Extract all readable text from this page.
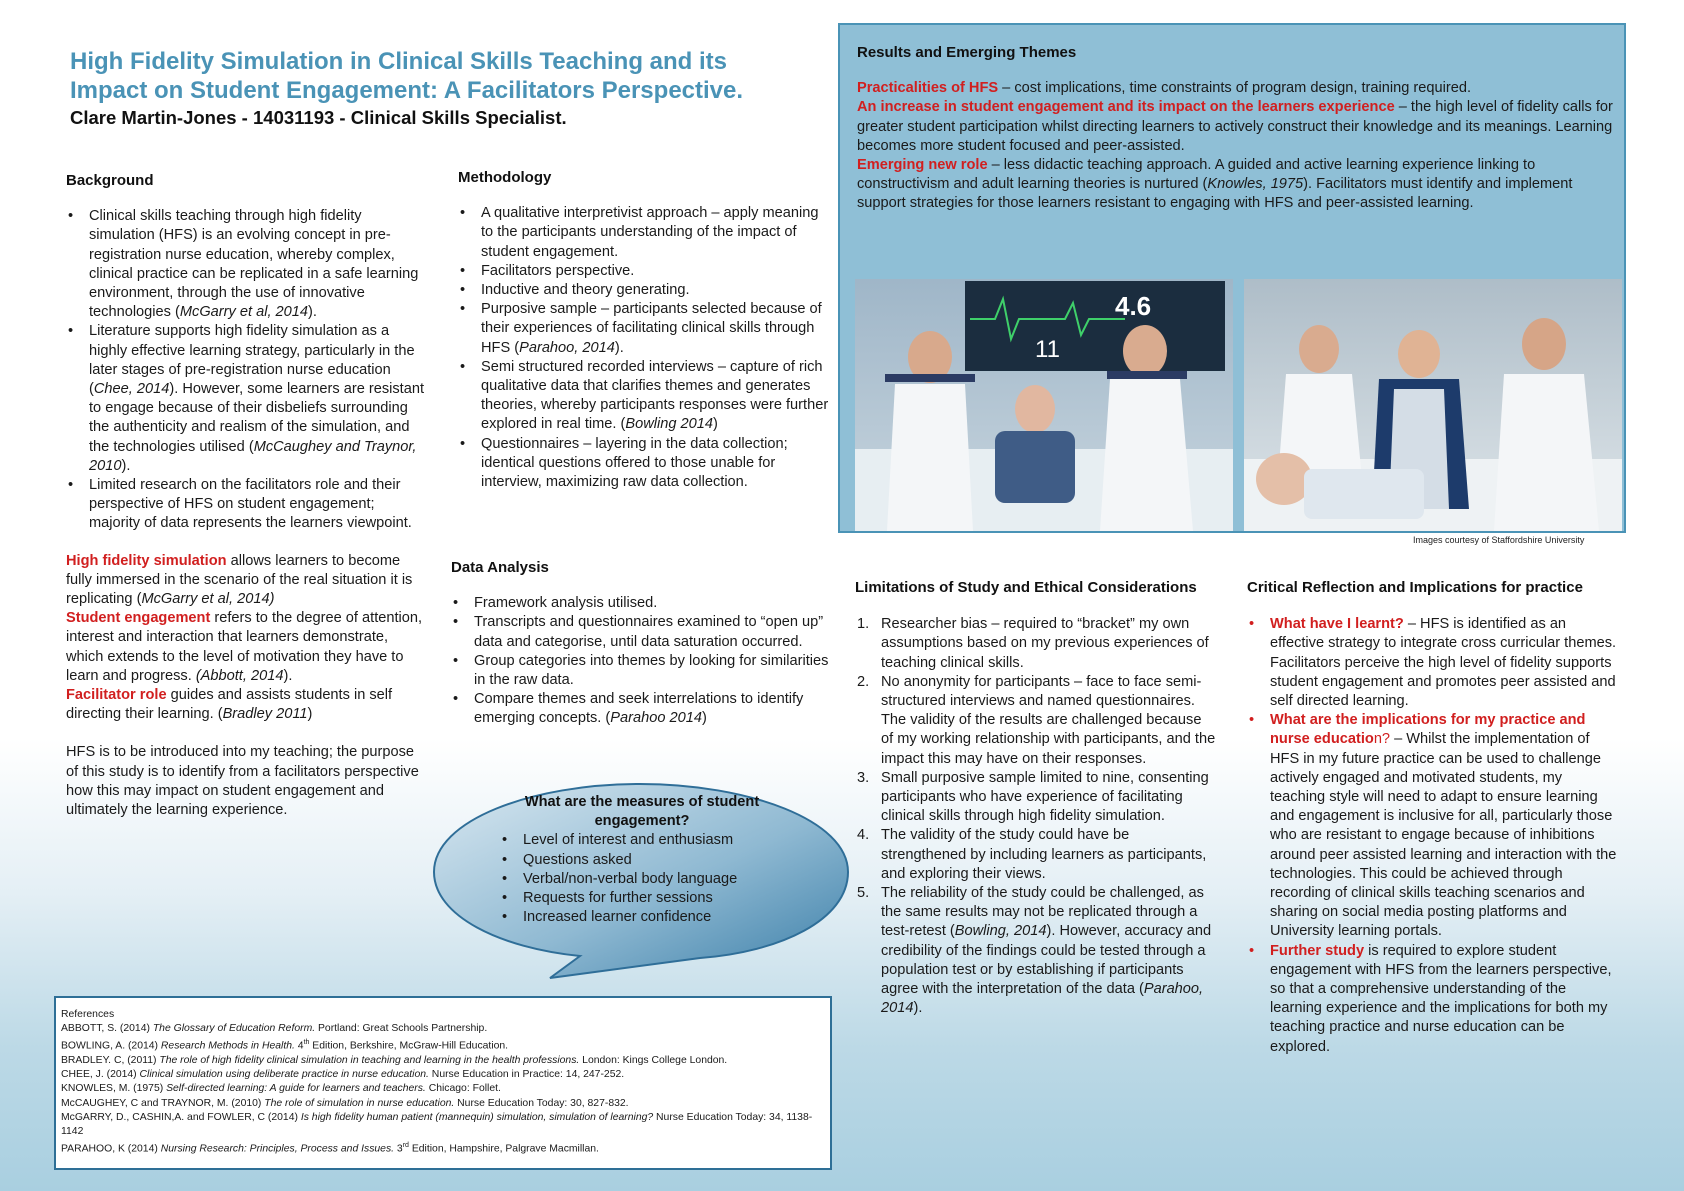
High Fidelity Simulation in Clinical Skills Teaching and its
Impact on Student Engagement: A Facilitators Perspective.
Clare Martin-Jones - 14031193 - Clinical Skills Specialist.
Background
• Clinical skills teaching through high fidelity simulation (HFS) is an evolving concept in pre-registration nurse education, whereby complex, clinical practice can be replicated in a safe learning environment, through the use of innovative technologies (McGarry et al, 2014).
• Literature supports high fidelity simulation as a highly effective learning strategy, particularly in the later stages of pre-registration nurse education (Chee, 2014). However, some learners are resistant to engage because of their disbeliefs surrounding the authenticity and realism of the simulation, and the technologies utilised (McCaughey and Traynor, 2010).
• Limited research on the facilitators role and their perspective of HFS on student engagement; majority of data represents the learners viewpoint.

High fidelity simulation allows learners to become fully immersed in the scenario of the real situation it is replicating (McGarry et al, 2014)
Student engagement refers to the degree of attention, interest and interaction that learners demonstrate, which extends to the level of motivation they have to learn and progress. (Abbott, 2014).
Facilitator role guides and assists students in self directing their learning. (Bradley 2011)

HFS is to be introduced into my teaching; the purpose of this study is to identify from a facilitators perspective how this may impact on student engagement and ultimately the learning experience.

Methodology
• A qualitative interpretivist approach – apply meaning to the participants understanding of the impact of student engagement.
• Facilitators perspective.
• Inductive and theory generating.
• Purposive sample – participants selected because of their experiences of facilitating clinical skills through HFS (Parahoo, 2014).
• Semi structured recorded interviews – capture of rich qualitative data that clarifies themes and generates theories, whereby participants responses were further explored in real time. (Bowling 2014)
• Questionnaires – layering in the data collection; identical questions offered to those unable for interview, maximizing raw data collection.
Data Analysis
• Framework analysis utilised.
• Transcripts and questionnaires examined to “open up” data and categorise, until data saturation occurred.
• Group categories into themes by looking for similarities in the raw data.
• Compare themes and seek interrelations to identify emerging concepts. (Parahoo 2014)
What are the measures of student engagement?
• Level of interest and enthusiasm
• Questions asked
• Verbal/non-verbal body language
• Requests for further sessions
• Increased learner confidence
Results and Emerging Themes

Practicalities of HFS – cost implications, time constraints of program design, training required.
An increase in student engagement and its impact on the learners experience – the high level of fidelity calls for greater student participation whilst directing learners to actively construct their knowledge and its meanings. Learning becomes more student focused and peer-assisted.
Emerging new role – less didactic teaching approach. A guided and active learning experience linking to constructivism and adult learning theories is nurtured (Knowles, 1975). Facilitators must identify and implement support strategies for those learners resistant to engaging with HFS and peer-assisted learning.

4.6
11
Images courtesy of Staffordshire University
Limitations of Study and Ethical Considerations
1. Researcher bias – required to “bracket” my own assumptions based on my previous experiences of teaching clinical skills.
2. No anonymity for participants – face to face semi-structured interviews and named questionnaires. The validity of the results are challenged because of my working relationship with participants, and the impact this may have on their responses.
3. Small purposive sample limited to nine, consenting participants who have experience of facilitating clinical skills through high fidelity simulation.
4. The validity of the study could have be strengthened by including learners as participants, and exploring their views.
5. The reliability of the study could be challenged, as the same results may not be replicated through a test-retest (Bowling, 2014). However, accuracy and credibility of the findings could be tested through a population test or by establishing if participants agree with the interpretation of the data (Parahoo, 2014).
Critical Reflection and Implications for practice
• What have I learnt? – HFS is identified as an effective strategy to integrate cross curricular themes. Facilitators perceive the high level of fidelity supports student engagement and promotes peer assisted and self directed learning.
• What are the implications for my practice and nurse education? – Whilst the implementation of HFS in my future practice can be used to challenge actively engaged and motivated students, my teaching style will need to adapt to ensure learning and engagement is inclusive for all, particularly those who are resistant to engage because of inhibitions around peer assisted learning and interaction with the technologies. This could be achieved through recording of clinical skills teaching scenarios and sharing on social media posting platforms and University learning portals.
• Further study is required to explore student engagement with HFS from the learners perspective, so that a comprehensive understanding of the learning experience and the implications for both my teaching practice and nurse education can be explored.
References
ABBOTT, S. (2014) The Glossary of Education Reform. Portland: Great Schools Partnership.
BOWLING, A. (2014) Research Methods in Health. 4th Edition, Berkshire, McGraw-Hill Education.
BRADLEY. C, (2011) The role of high fidelity clinical simulation in teaching and learning in the health professions. London: Kings College London.
CHEE, J. (2014) Clinical simulation using deliberate practice in nurse education. Nurse Education in Practice: 14, 247-252.
KNOWLES, M. (1975) Self-directed learning: A guide for learners and teachers. Chicago: Follet.
McCAUGHEY, C and TRAYNOR, M. (2010) The role of simulation in nurse education. Nurse Education Today: 30, 827-832.
McGARRY, D., CASHIN,A. and FOWLER, C (2014) Is high fidelity human patient (mannequin) simulation, simulation of learning? Nurse Education Today: 34, 1138-1142
PARAHOO, K (2014) Nursing Research: Principles, Process and Issues. 3rd Edition, Hampshire, Palgrave Macmillan.
